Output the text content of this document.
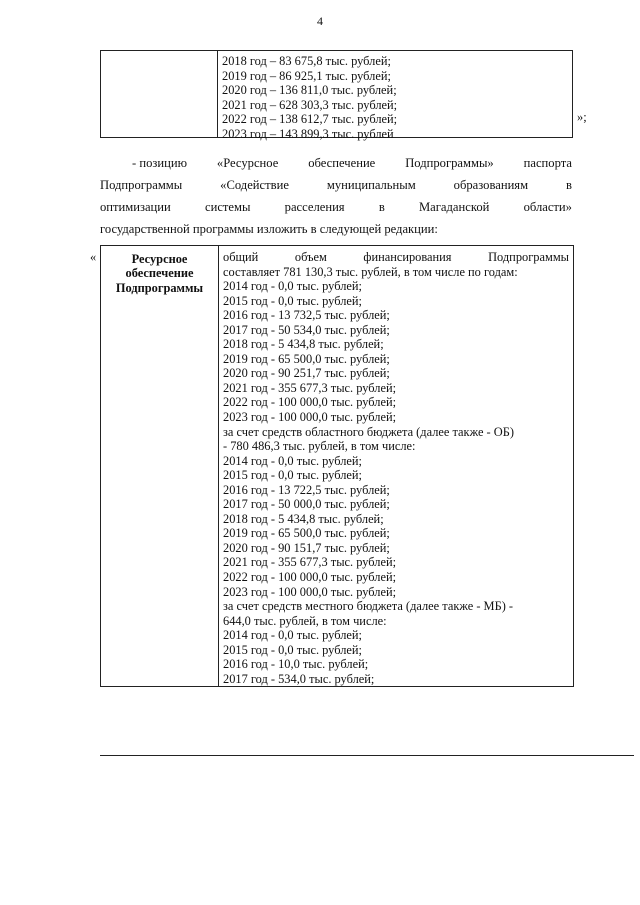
4
2018 год – 83 675,8 тыс. рублей;
2019 год – 86 925,1 тыс. рублей;
2020 год – 136 811,0 тыс. рублей;
2021 год – 628 303,3 тыс. рублей;
2022 год – 138 612,7 тыс. рублей;
2023 год – 143 899,3 тыс. рублей
»;
- позицию «Ресурсное обеспечение Подпрограммы» паспорта
Подпрограммы	«Содействие	муниципальным	образованиям	в
оптимизации	системы	расселения	в	Магаданской	области»
государственной программы изложить в следующей редакции:
«	Ресурсное
обеспечение
Подпрограммы
общий	объем	финансирования	Подпрограммы
составляет 781 130,3 тыс. рублей, в том числе по годам:
2014 год - 0,0 тыс. рублей;
2015 год - 0,0 тыс. рублей;
2016 год - 13 732,5 тыс. рублей;
2017 год - 50 534,0 тыс. рублей;
2018 год - 5 434,8 тыс. рублей;
2019 год - 65 500,0 тыс. рублей;
2020 год - 90 251,7 тыс. рублей;
2021 год - 355 677,3 тыс. рублей;
2022 год - 100 000,0 тыс. рублей;
2023 год - 100 000,0 тыс. рублей;
за счет средств областного бюджета (далее также - ОБ)
- 780 486,3 тыс. рублей, в том числе:
2014 год - 0,0 тыс. рублей;
2015 год - 0,0 тыс. рублей;
2016 год - 13 722,5 тыс. рублей;
2017 год - 50 000,0 тыс. рублей;
2018 год - 5 434,8 тыс. рублей;
2019 год - 65 500,0 тыс. рублей;
2020 год - 90 151,7 тыс. рублей;
2021 год - 355 677,3 тыс. рублей;
2022 год - 100 000,0 тыс. рублей;
2023 год - 100 000,0 тыс. рублей;
за счет средств местного бюджета (далее также - МБ) -
644,0 тыс. рублей, в том числе:
2014 год - 0,0 тыс. рублей;
2015 год - 0,0 тыс. рублей;
2016 год - 10,0 тыс. рублей;
2017 год - 534,0 тыс. рублей;
